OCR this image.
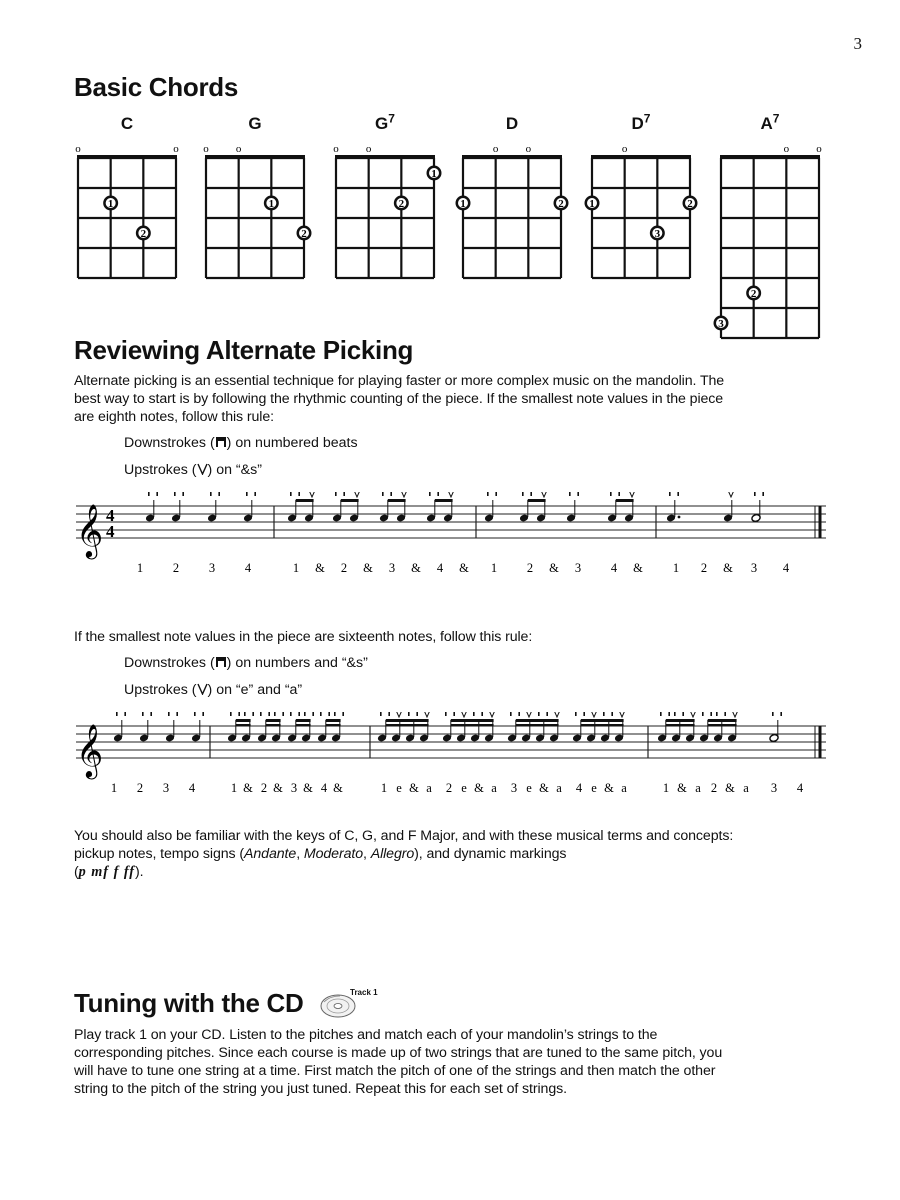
3
Basic Chords
C
o	o
1
2
G
o o
1
2
$G^7$
o o
1
2
D
o o
1	2
$D^7$
o
1
3
2
$A^7$
o o
2
3
Reviewing Alternate Picking
Alternate picking is an essential technique for playing faster or more complex music on the mandolin. The best way to start is by following the rhythmic counting of the piece. If the smallest note values in the piece are eighth notes, follow this rule:
Downstrokes ( ) on numbered beats
Upstrokes ( ) on “&s”
𝄞 4
4
1 2 3 4	1 & 2 & 3 & 4 & 1 2 & 3 4 & 1 2 & 3 4
If the smallest note values in the piece are sixteenth notes, follow this rule:
Downstrokes ( ) on numbers and “&s”
Upstrokes ( ) on “e” and “a”
𝄞
1 2 3 4	1 & 2 & 3 & 4 &	1 e & a 2 e & a 3 e & a 4 e & a	1 & a 2 & a 3 4
You should also be familiar with the keys of C, G, and F Major, and with these musical terms and concepts: pickup notes, tempo signs (Andante, Moderato, Allegro), and dynamic markings
(p mf f ff).
Tuning with the CD	Track 1
Play track 1 on your CD. Listen to the pitches and match each of your mandolin’s strings to the corresponding pitches. Since each course is made up of two strings that are tuned to the same pitch, you will have to tune one string at a time. First match the pitch of one of the strings and then match the other string to the pitch of the string you just tuned. Repeat this for each set of strings.
